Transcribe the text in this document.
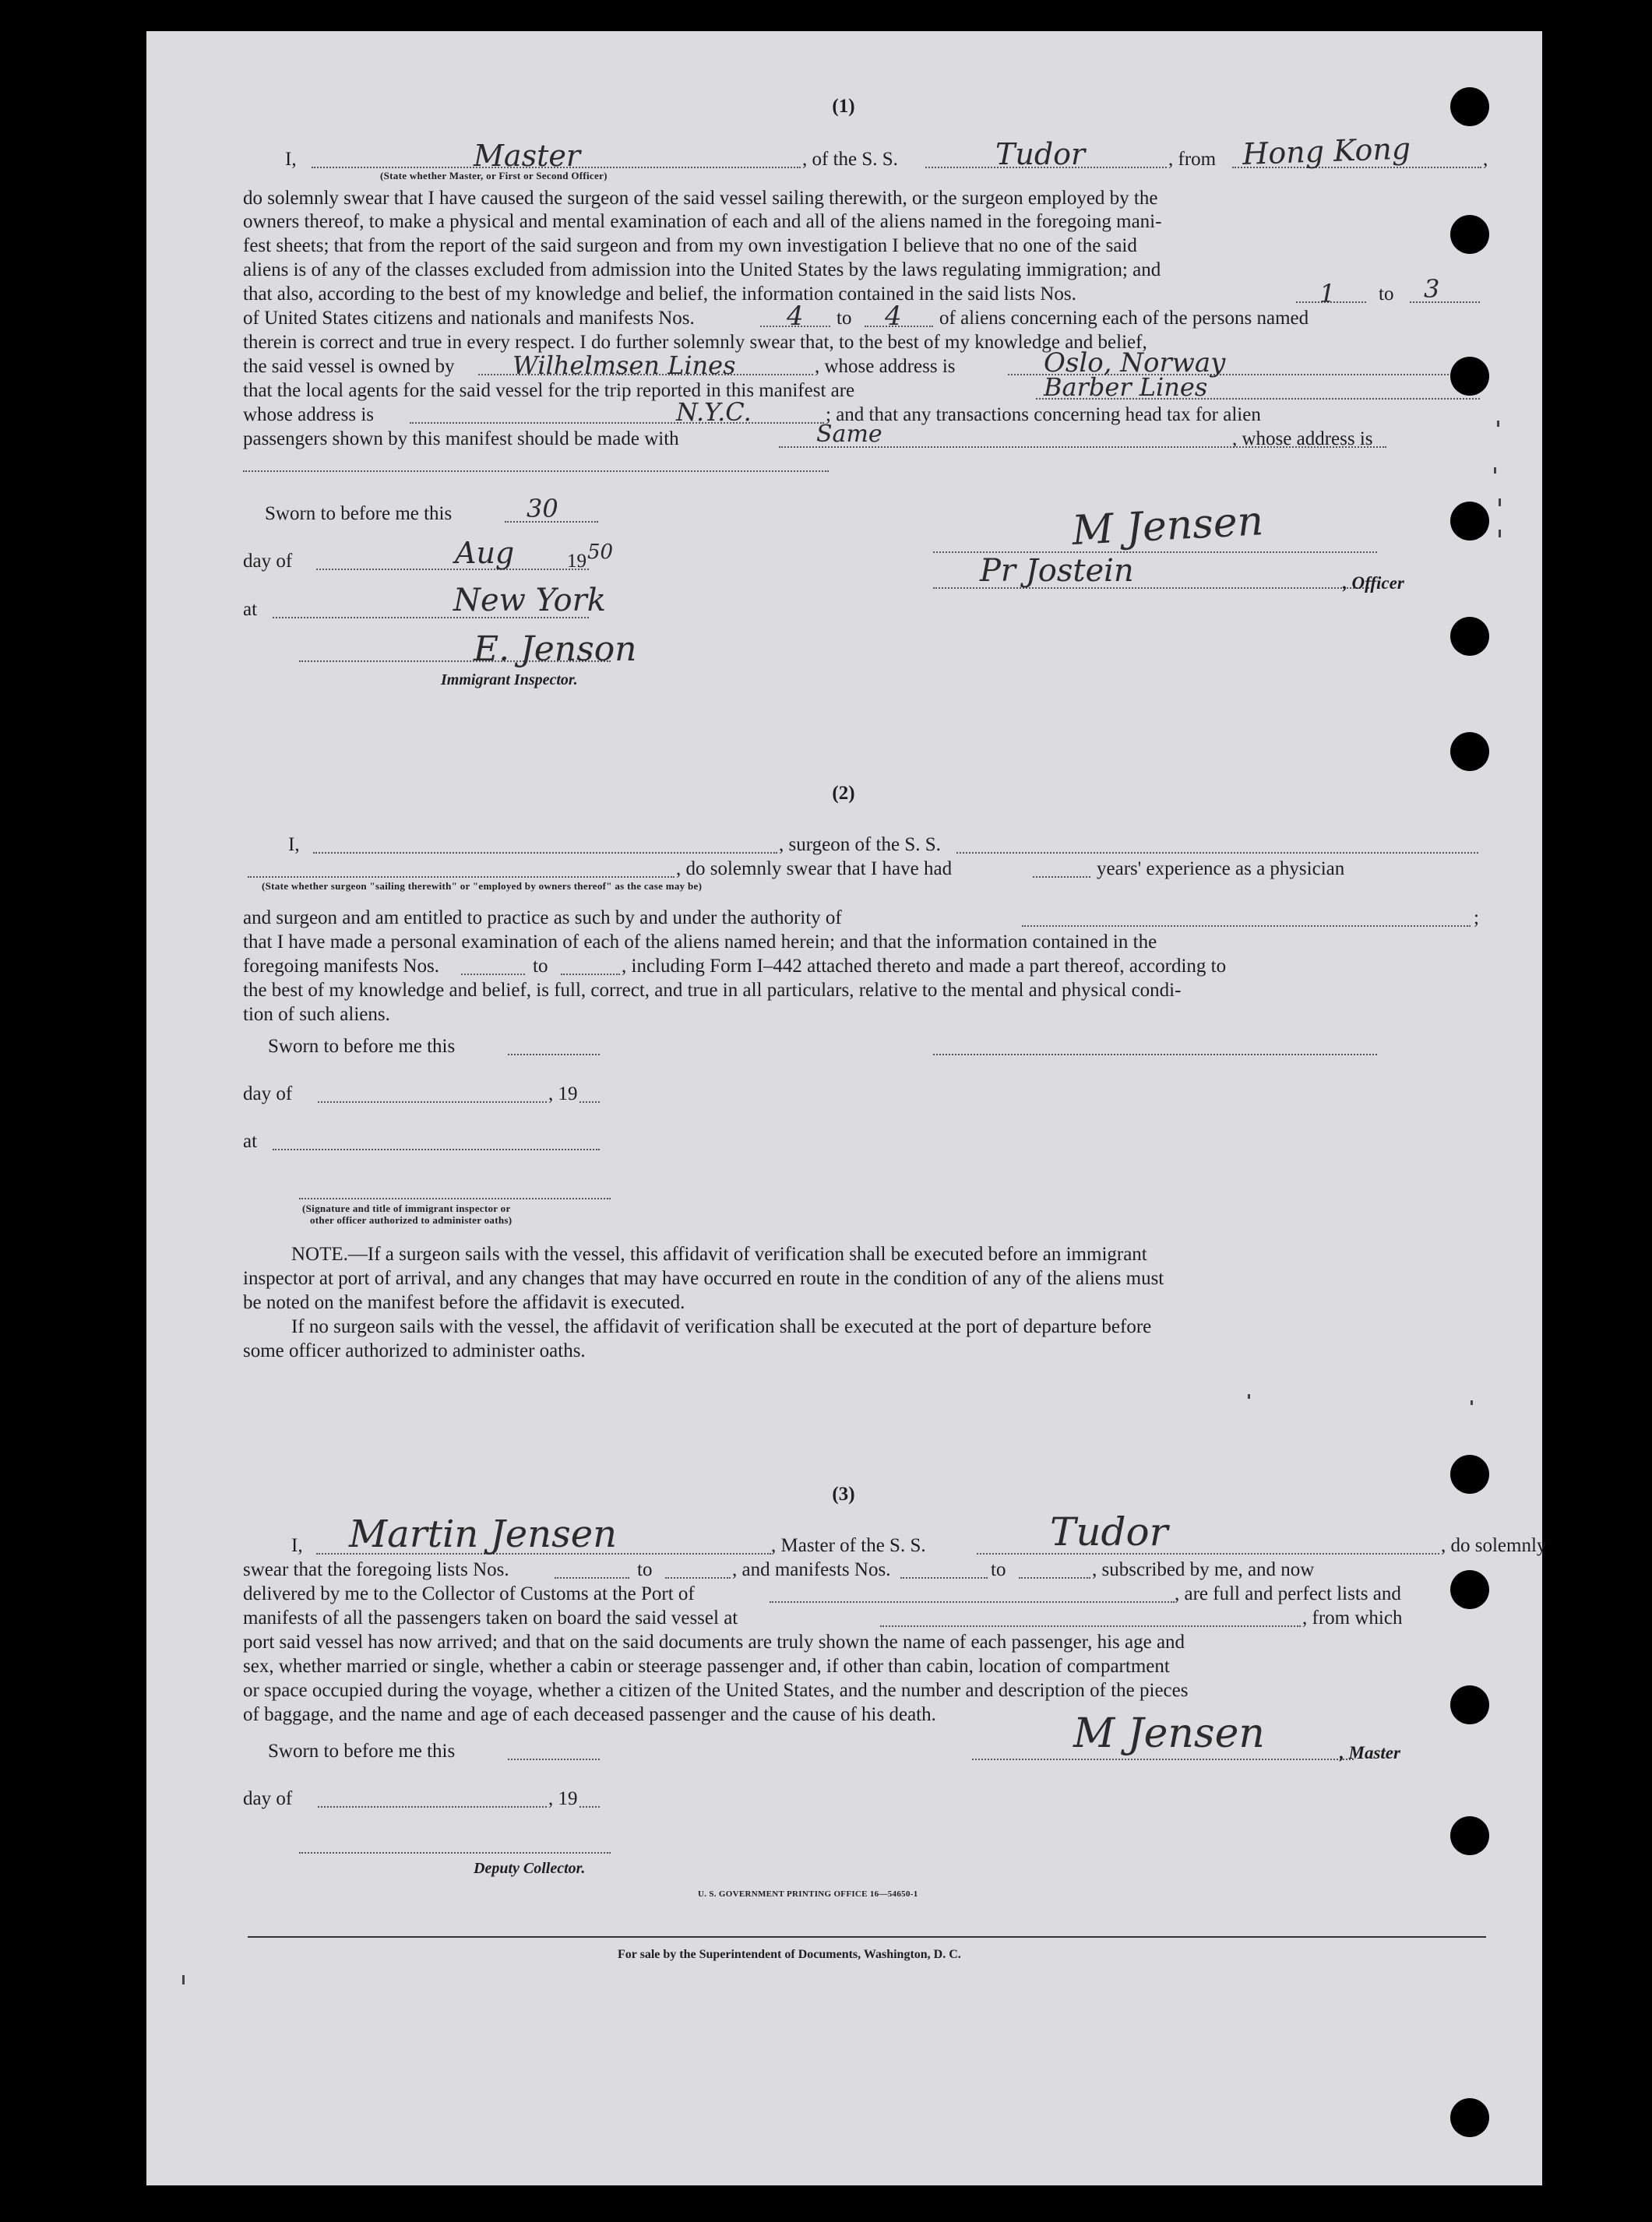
(1)
I,	Master	, of the S. S.	Tudor	, from Hong Kong	,
(State whether Master, or First or Second Officer)
do solemnly swear that I have caused the surgeon of the said vessel sailing therewith, or the surgeon employed by the
owners thereof, to make a physical and mental examination of each and all of the aliens named in the foregoing mani-
fest sheets; that from the report of the said surgeon and from my own investigation I believe that no one of the said
aliens is of any of the classes excluded from admission into the United States by the laws regulating immigration; and
that also, according to the best of my knowledge and belief, the information contained in the said lists Nos.	1 to 3
of United States citizens and nationals and manifests Nos.	4 to 4 of aliens concerning each of the persons named
therein is correct and true in every respect. I do further solemnly swear that, to the best of my knowledge and belief,
the said vessel is owned by Wilhelmsen Lines	, whose address is	Oslo, Norway
that the local agents for the said vessel for the trip reported in this manifest are	Barber Lines
whose address is	N.Y.C.	; and that any transactions concerning head tax for alien
passengers shown by this manifest should be made with	Same	, whose address is
Sworn to before me this	30
day of	Aug	19 50
at	New York
E. Jenson
Immigrant Inspector.
M Jensen
Pr Jostein	, Officer
(2)
I,	, surgeon of the S. S.
, do solemnly swear that I have had	years' experience as a physician
(State whether surgeon "sailing therewith" or "employed by owners thereof" as the case may be)
and surgeon and am entitled to practice as such by and under the authority of	;
that I have made a personal examination of each of the aliens named herein; and that the information contained in the
foregoing manifests Nos.	to	, including Form I–442 attached thereto and made a part thereof, according to
the best of my knowledge and belief, is full, correct, and true in all particulars, relative to the mental and physical condi-
tion of such aliens.
Sworn to before me this
day of	, 19
at
(Signature and title of immigrant inspector or
other officer authorized to administer oaths)
NOTE.—If a surgeon sails with the vessel, this affidavit of verification shall be executed before an immigrant
inspector at port of arrival, and any changes that may have occurred en route in the condition of any of the aliens must
be noted on the manifest before the affidavit is executed.
If no surgeon sails with the vessel, the affidavit of verification shall be executed at the port of departure before
some officer authorized to administer oaths.
(3)
I, Martin Jensen	, Master of the S. S.	Tudor	, do solemnly
swear that the foregoing lists Nos.	to	, and manifests Nos.	to	, subscribed by me, and now
delivered by me to the Collector of Customs at the Port of	, are full and perfect lists and
manifests of all the passengers taken on board the said vessel at	, from which
port said vessel has now arrived; and that on the said documents are truly shown the name of each passenger, his age and
sex, whether married or single, whether a cabin or steerage passenger and, if other than cabin, location of compartment
or space occupied during the voyage, whether a citizen of the United States, and the number and description of the pieces
of baggage, and the name and age of each deceased passenger and the cause of his death.
Sworn to before me this	M Jensen	, Master
day of	, 19
Deputy Collector.
U. S. GOVERNMENT PRINTING OFFICE 16—54650-1
For sale by the Superintendent of Documents, Washington, D. C.
